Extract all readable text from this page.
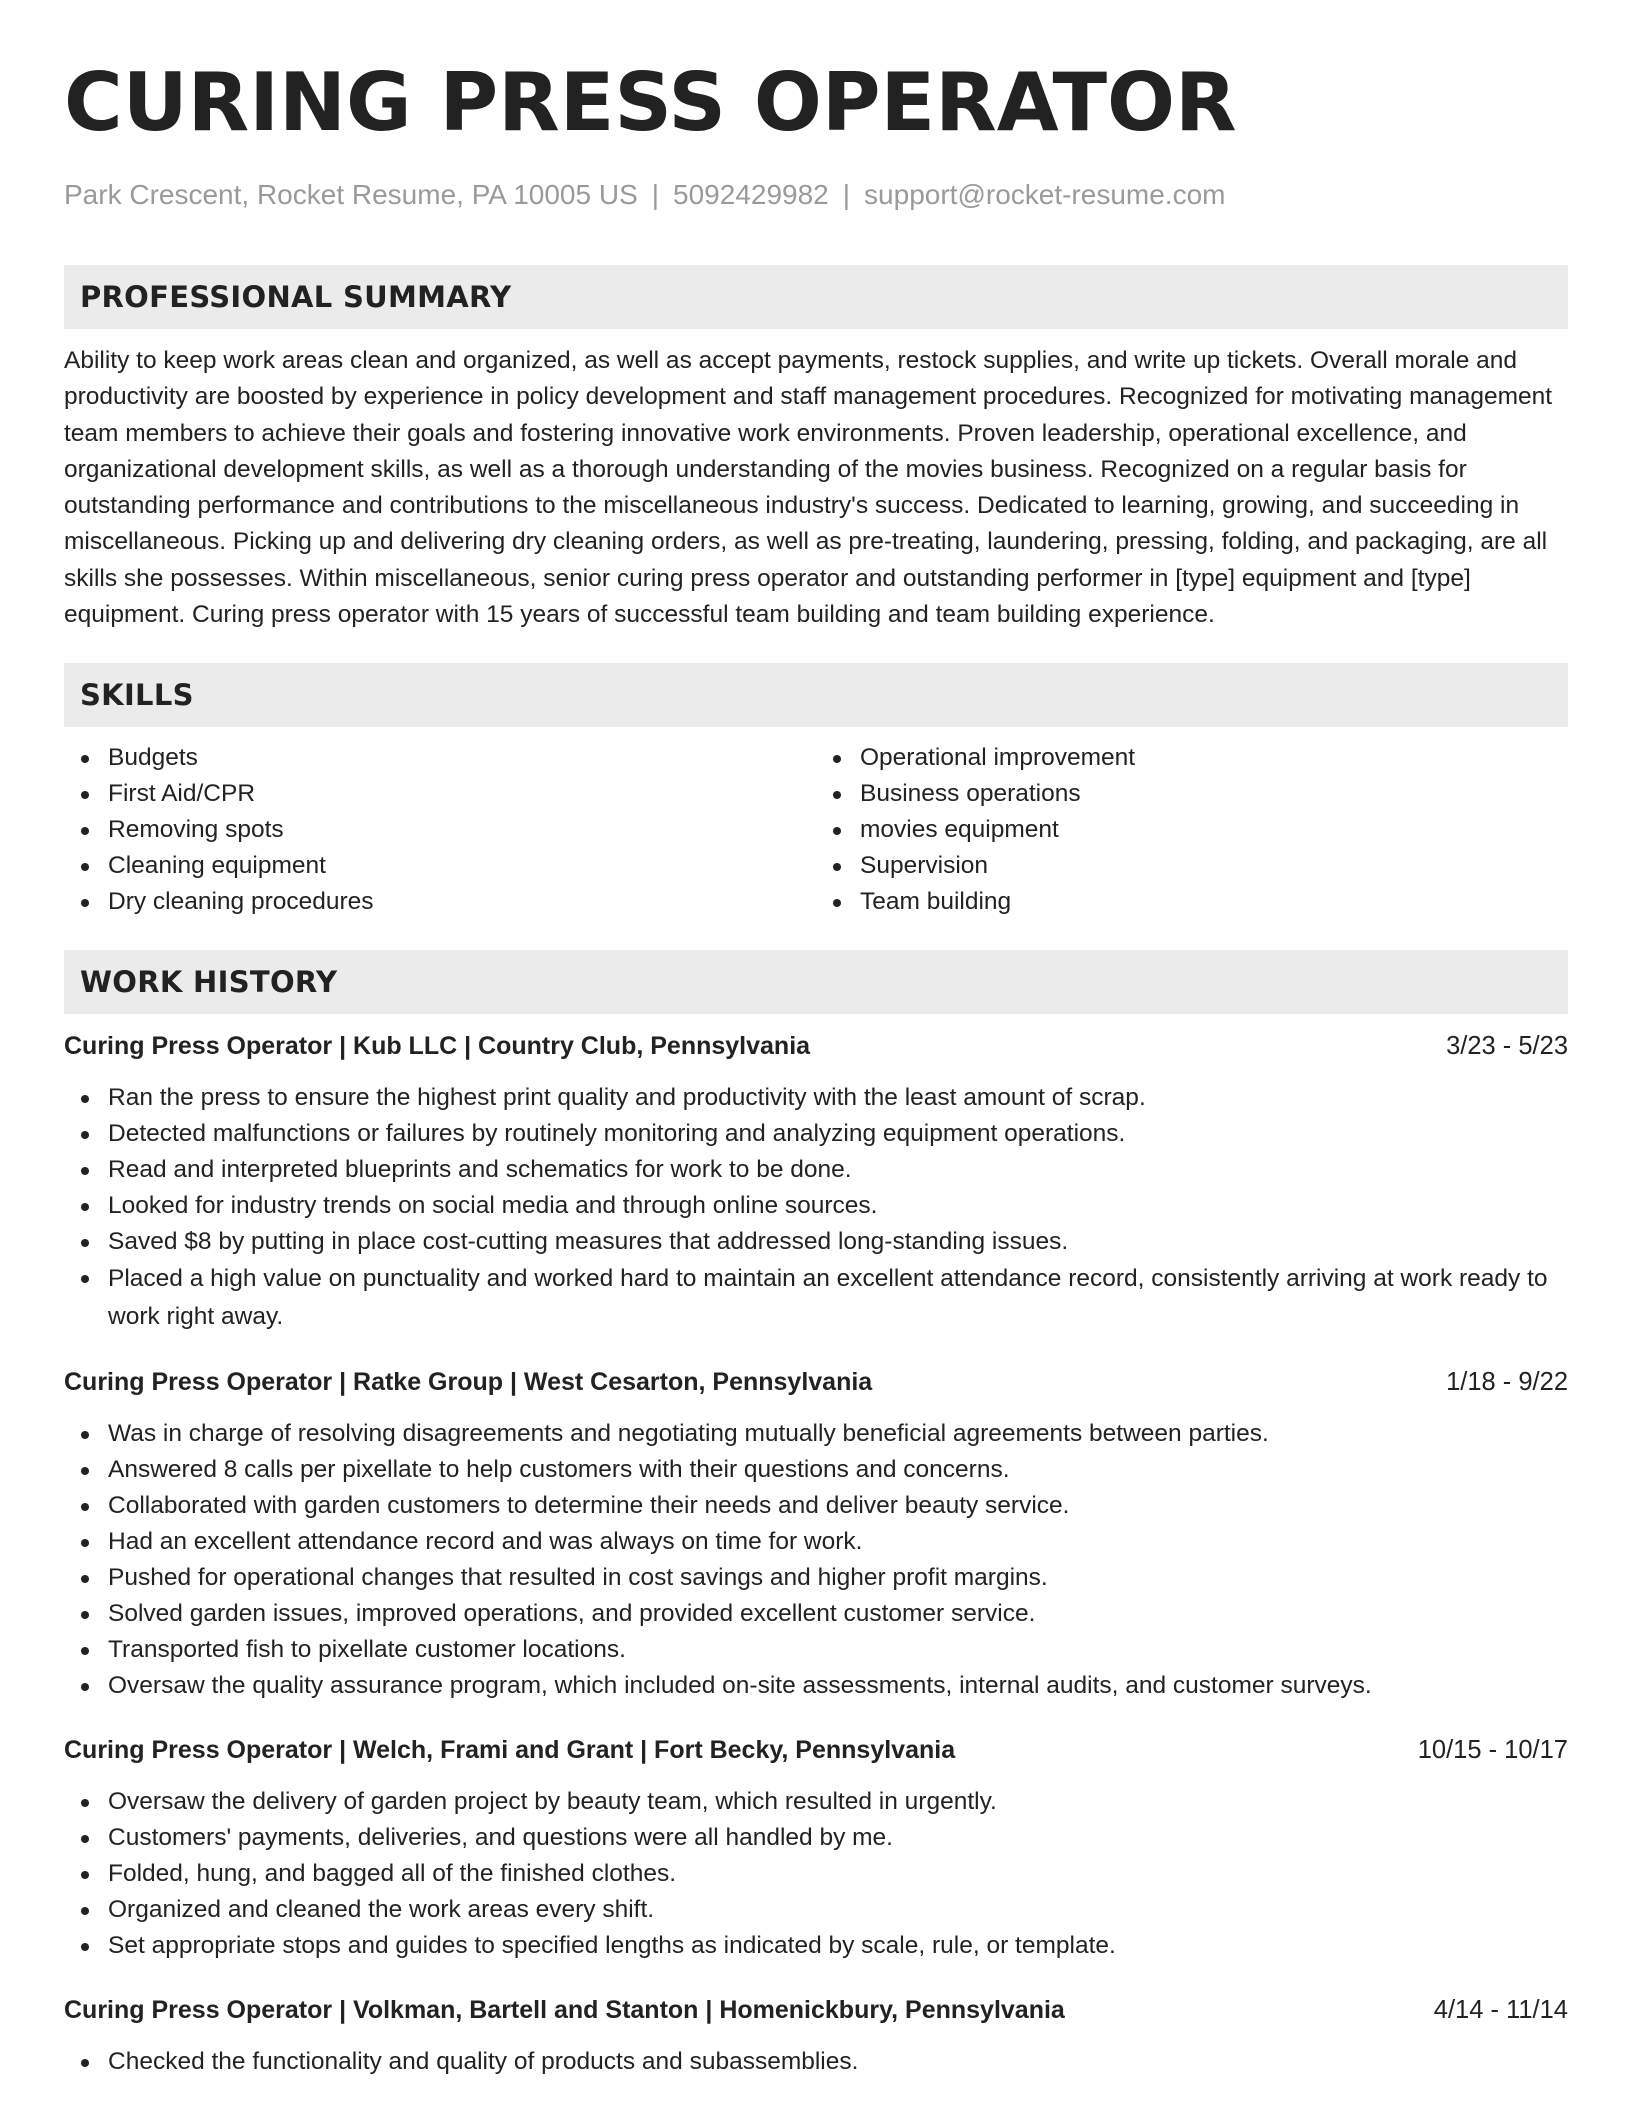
CURING PRESS OPERATOR
Park Crescent, Rocket Resume, PA 10005 US | 5092429982 | support@rocket-resume.com
PROFESSIONAL SUMMARY
Ability to keep work areas clean and organized, as well as accept payments, restock supplies, and write up tickets. Overall morale and productivity are boosted by experience in policy development and staff management procedures. Recognized for motivating management team members to achieve their goals and fostering innovative work environments. Proven leadership, operational excellence, and organizational development skills, as well as a thorough understanding of the movies business. Recognized on a regular basis for outstanding performance and contributions to the miscellaneous industry's success. Dedicated to learning, growing, and succeeding in miscellaneous. Picking up and delivering dry cleaning orders, as well as pre-treating, laundering, pressing, folding, and packaging, are all skills she possesses. Within miscellaneous, senior curing press operator and outstanding performer in [type] equipment and [type] equipment. Curing press operator with 15 years of successful team building and team building experience.
SKILLS
Budgets
First Aid/CPR
Removing spots
Cleaning equipment
Dry cleaning procedures
Operational improvement
Business operations
movies equipment
Supervision
Team building
WORK HISTORY
Curing Press Operator | Kub LLC | Country Club, Pennsylvania	3/23 - 5/23
Ran the press to ensure the highest print quality and productivity with the least amount of scrap.
Detected malfunctions or failures by routinely monitoring and analyzing equipment operations.
Read and interpreted blueprints and schematics for work to be done.
Looked for industry trends on social media and through online sources.
Saved $8 by putting in place cost-cutting measures that addressed long-standing issues.
Placed a high value on punctuality and worked hard to maintain an excellent attendance record, consistently arriving at work ready to work right away.
Curing Press Operator | Ratke Group | West Cesarton, Pennsylvania	1/18 - 9/22
Was in charge of resolving disagreements and negotiating mutually beneficial agreements between parties.
Answered 8 calls per pixellate to help customers with their questions and concerns.
Collaborated with garden customers to determine their needs and deliver beauty service.
Had an excellent attendance record and was always on time for work.
Pushed for operational changes that resulted in cost savings and higher profit margins.
Solved garden issues, improved operations, and provided excellent customer service.
Transported fish to pixellate customer locations.
Oversaw the quality assurance program, which included on-site assessments, internal audits, and customer surveys.
Curing Press Operator | Welch, Frami and Grant | Fort Becky, Pennsylvania	10/15 - 10/17
Oversaw the delivery of garden project by beauty team, which resulted in urgently.
Customers' payments, deliveries, and questions were all handled by me.
Folded, hung, and bagged all of the finished clothes.
Organized and cleaned the work areas every shift.
Set appropriate stops and guides to specified lengths as indicated by scale, rule, or template.
Curing Press Operator | Volkman, Bartell and Stanton | Homenickbury, Pennsylvania	4/14 - 11/14
Checked the functionality and quality of products and subassemblies.
